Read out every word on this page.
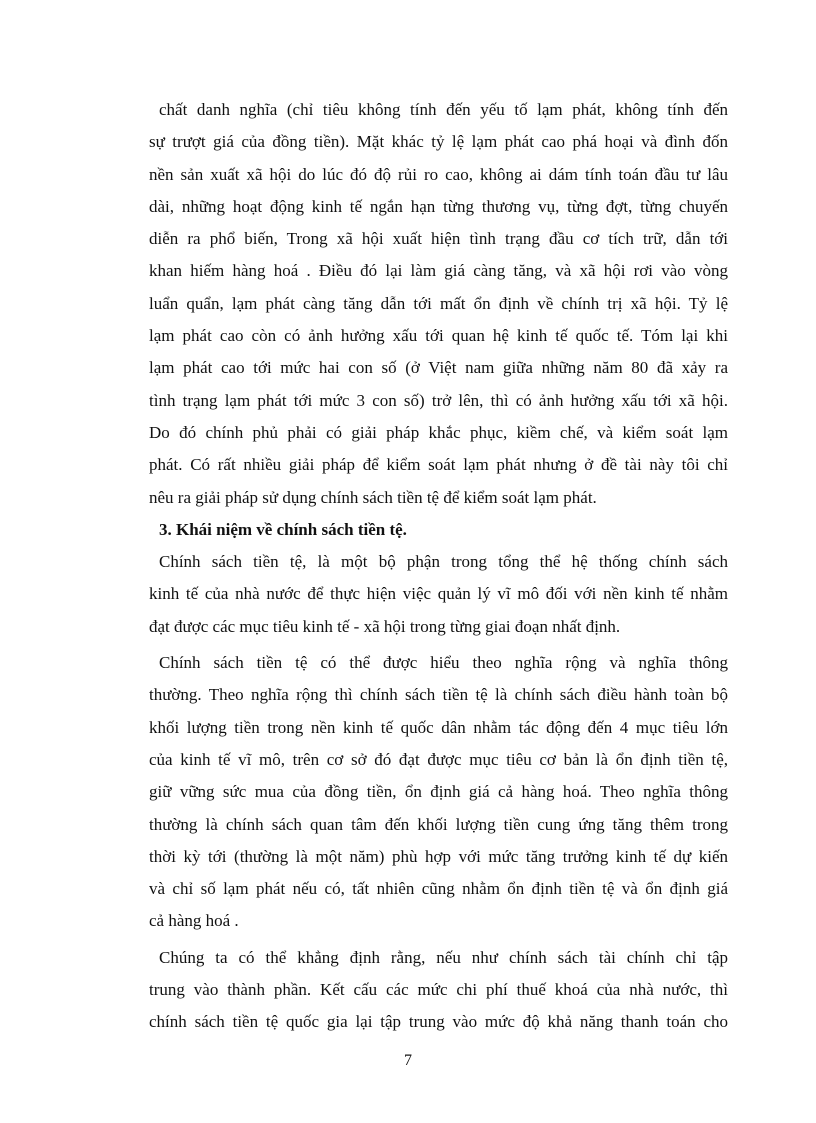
chất danh nghĩa (chỉ tiêu không tính đến yếu tố lạm phát, không tính đến
sự trượt giá của đồng tiền). Mặt khác tỷ lệ lạm phát cao phá hoại và đình đốn
nền sản xuất xã hội do lúc đó độ rủi ro cao, không ai dám tính toán đầu tư lâu
dài, những hoạt động kinh tế ngắn hạn từng thương vụ, từng đợt, từng chuyến
diễn ra phổ biến, Trong xã hội xuất hiện tình trạng đầu cơ tích trữ, dẫn tới
khan hiếm hàng hoá . Điều đó lại làm giá càng tăng, và xã hội rơi vào vòng
luẩn quẩn, lạm phát càng tăng dẫn tới mất ổn định về chính trị xã hội. Tỷ lệ
lạm phát cao còn có ảnh hưởng xấu tới quan hệ kinh tế quốc tế. Tóm lại khi
lạm phát cao tới mức hai con số (ở Việt nam giữa những năm 80 đã xảy ra
tình trạng lạm phát tới mức 3 con số) trở lên, thì có ảnh hưởng xấu tới xã hội.
Do đó chính phủ phải có giải pháp khắc phục, kiềm chế, và kiểm soát lạm
phát. Có rất nhiều giải pháp để kiểm soát lạm phát nhưng ở đề tài này tôi chỉ
nêu ra giải pháp sử dụng chính sách tiền tệ để kiểm soát lạm phát.
3. Khái niệm về chính sách tiền tệ.
Chính sách tiền tệ, là một bộ phận trong tổng thể hệ thống chính sách
kinh tế của nhà nước để thực hiện việc quản lý vĩ mô đối với nền kinh tế nhằm
đạt được các mục tiêu kinh tế - xã hội trong từng giai đoạn nhất định.
Chính sách tiền tệ có thể được hiểu theo nghĩa rộng và nghĩa thông
thường. Theo nghĩa rộng thì chính sách tiền tệ là chính sách điều hành toàn bộ
khối lượng tiền trong nền kinh tế quốc dân nhằm tác động đến 4 mục tiêu lớn
của kinh tế vĩ mô, trên cơ sở đó đạt được mục tiêu cơ bản là ổn định tiền tệ,
giữ vững sức mua của đồng tiền, ổn định giá cả hàng hoá. Theo nghĩa thông
thường là chính sách quan tâm đến khối lượng tiền cung ứng tăng thêm trong
thời kỳ tới (thường là một năm) phù hợp với mức tăng trưởng kinh tế dự kiến
và chỉ số lạm phát nếu có, tất nhiên cũng nhằm ổn định tiền tệ và ổn định giá
cả hàng hoá .
Chúng ta có thể khẳng định rằng, nếu như chính sách tài chính chỉ tập
trung vào thành phần. Kết cấu các mức chi phí thuế khoá của nhà nước, thì
chính sách tiền tệ quốc gia lại tập trung vào mức độ khả năng thanh toán cho
7
